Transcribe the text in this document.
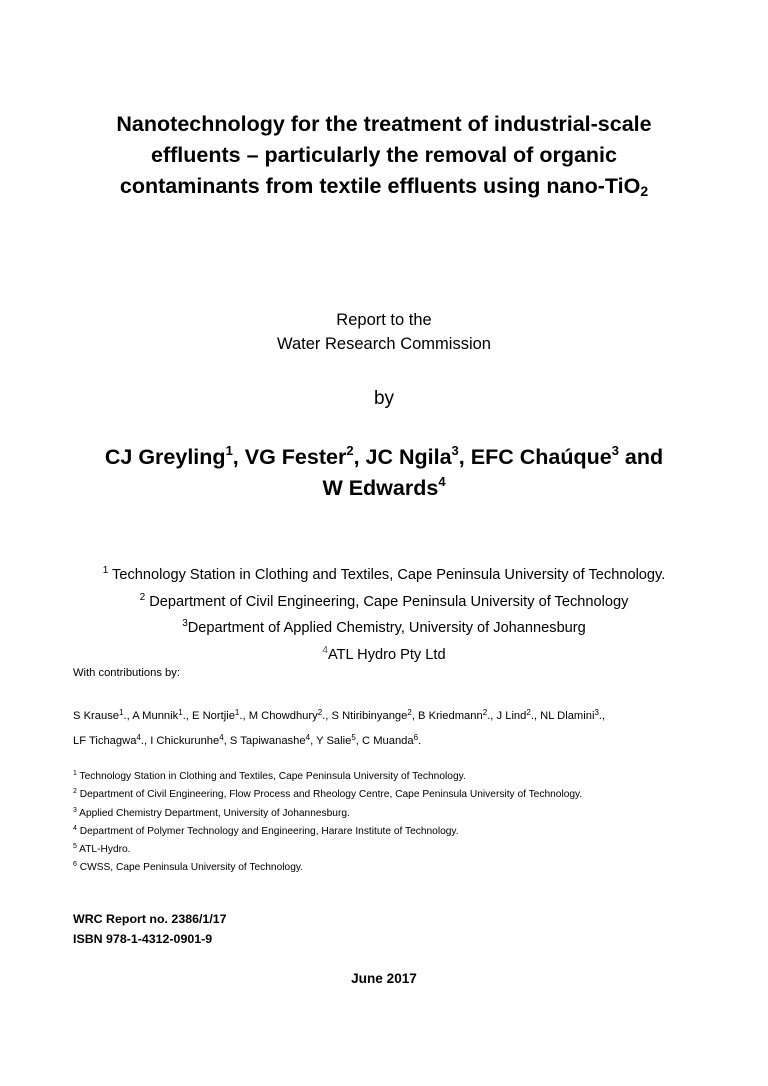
Nanotechnology for the treatment of industrial-scale
effluents – particularly the removal of organic
contaminants from textile effluents using nano-TiO$_2$
Report to the
Water Research Commission
by
CJ Greyling$^1$, VG Fester$^2$, JC Ngila$^3$, EFC Chaúque$^3$ and
W Edwards$^4$
$^1$ Technology Station in Clothing and Textiles, Cape Peninsula University of Technology.
$^2$ Department of Civil Engineering, Cape Peninsula University of Technology
$^3$Department of Applied Chemistry, University of Johannesburg
$^4$ATL Hydro Pty Ltd
With contributions by:
S Krause$^1$., A Munnik$^1$., E Nortjie$^1$., M Chowdhury$^2$., S Ntiribinyange$^2$, B Kriedmann$^2$., J Lind$^2$., NL Dlamini$^3$.,
LF Tichagwa$^4$., I Chickurunhe$^4$, S Tapiwanashe$^4$, Y Salie$^5$, C Muanda$^6$.
$^1$ Technology Station in Clothing and Textiles, Cape Peninsula University of Technology.
$^2$ Department of Civil Engineering, Flow Process and Rheology Centre, Cape Peninsula University of Technology.
$^3$ Applied Chemistry Department, University of Johannesburg.
$^4$ Department of Polymer Technology and Engineering, Harare Institute of Technology.
$^5$ ATL-Hydro.
$^6$ CWSS, Cape Peninsula University of Technology.
WRC Report no. 2386/1/17
ISBN 978-1-4312-0901-9
June 2017
